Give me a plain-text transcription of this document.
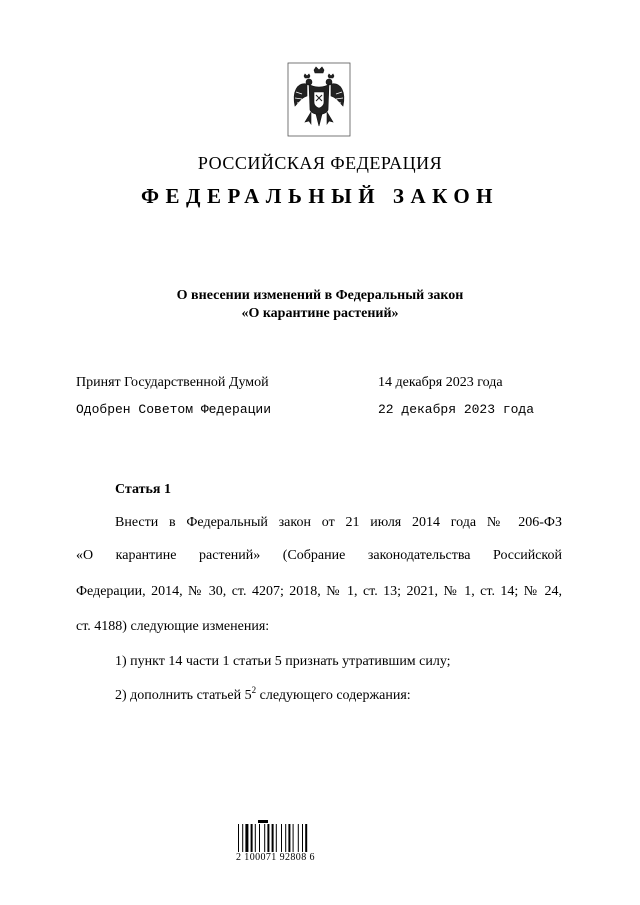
РОССИЙСКАЯ ФЕДЕРАЦИЯ
ФЕДЕРАЛЬНЫЙ ЗАКОН
О внесении изменений в Федеральный закон
«О карантине растений»
Принят Государственной Думой	14 декабря 2023 года
Одобрен Советом Федерации	22 декабря 2023 года
Статья 1
Внести в Федеральный закон от 21 июля 2014 года № 206-ФЗ
«О карантине растений» (Собрание законодательства Российской
Федерации, 2014, № 30, ст. 4207; 2018, № 1, ст. 13; 2021, № 1, ст. 14; № 24,
ст. 4188) следующие изменения:
1) пункт 14 части 1 статьи 5 признать утратившим силу;
2) дополнить статьей $5^2$ следующего содержания:
2 100071 92808 6
